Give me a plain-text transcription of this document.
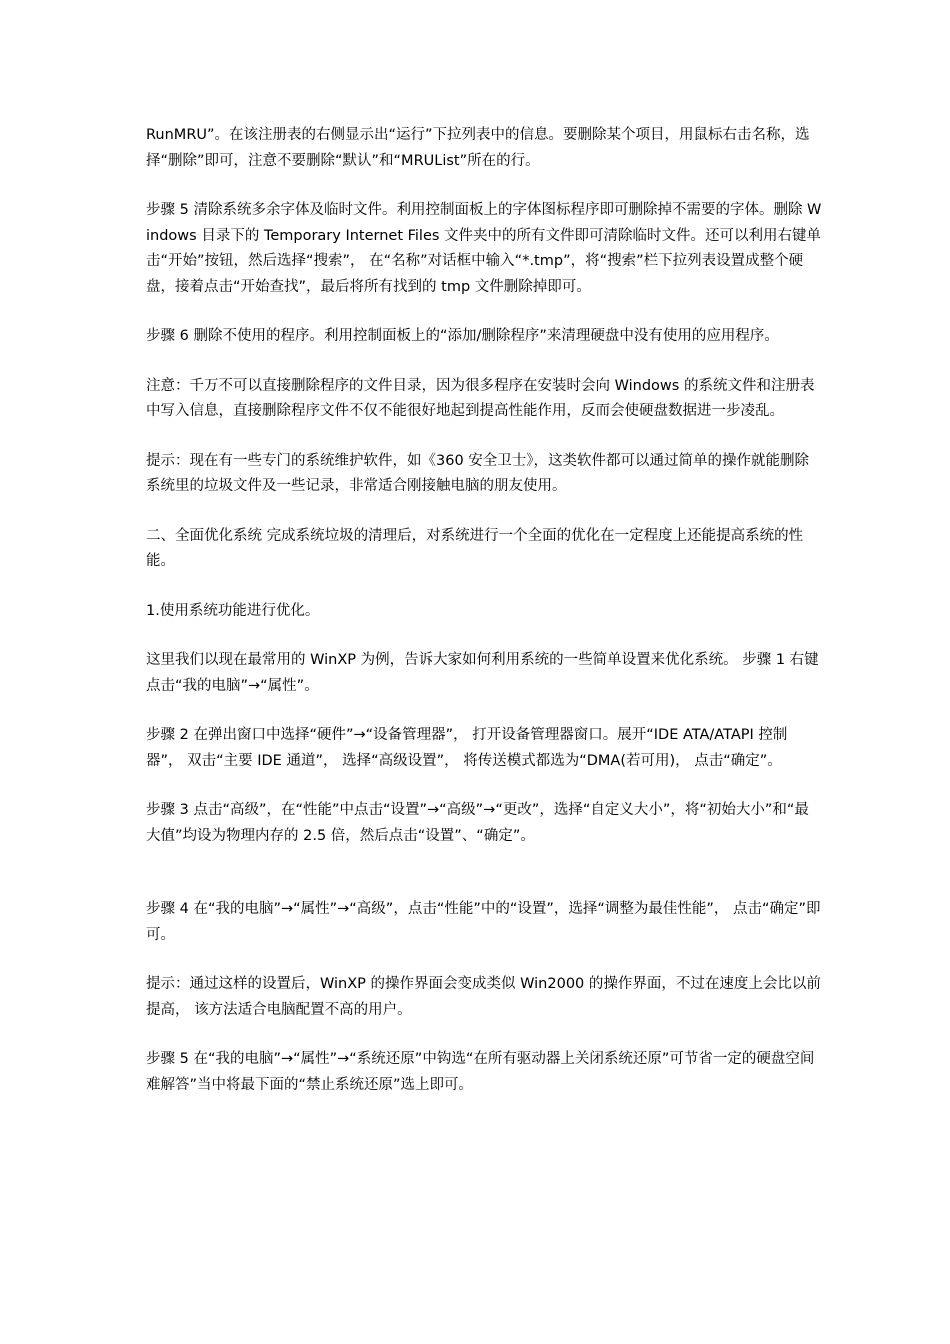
RunMRU”。在该注册表的右侧显示出“运行”下拉列表中的信息。要删除某个项目，用鼠标右击名称，选择“删除”即可，注意不要删除“默认”和“MRUList”所在的行。

步骤 5 清除系统多余字体及临时文件。利用控制面板上的字体图标程序即可删除掉不需要的字体。删除 Windows 目录下的 Temporary Internet Files 文件夹中的所有文件即可清除临时文件。还可以利用右键单击“开始”按钮，然后选择“搜索”， 在“名称”对话框中输入“*.tmp”，将“搜索”栏下拉列表设置成整个硬盘，接着点击“开始查找”，最后将所有找到的 tmp 文件删除掉即可。

步骤 6 删除不使用的程序。利用控制面板上的“添加/删除程序”来清理硬盘中没有使用的应用程序。

注意：千万不可以直接删除程序的文件目录，因为很多程序在安装时会向 Windows 的系统文件和注册表中写入信息，直接删除程序文件不仅不能很好地起到提高性能作用，反而会使硬盘数据进一步凌乱。

提示：现在有一些专门的系统维护软件，如《360 安全卫士》，这类软件都可以通过简单的操作就能删除系统里的垃圾文件及一些记录，非常适合刚接触电脑的朋友使用。

二、全面优化系统 完成系统垃圾的清理后，对系统进行一个全面的优化在一定程度上还能提高系统的性能。

1.使用系统功能进行优化。

这里我们以现在最常用的 WinXP 为例，告诉大家如何利用系统的一些简单设置来优化系统。 步骤 1 右键点击“我的电脑”→“属性”。

步骤 2 在弹出窗口中选择“硬件”→“设备管理器”， 打开设备管理器窗口。展开“IDE ATA/ATAPI 控制器”， 双击“主要 IDE 通道”， 选择“高级设置”， 将传送模式都选为“DMA(若可用)， 点击“确定”。

步骤 3 点击“高级”，在“性能”中点击“设置”→“高级”→“更改”，选择“自定义大小”，将“初始大小”和“最大值”均设为物理内存的 2.5 倍，然后点击“设置”、“确定”。

步骤 4 在“我的电脑”→“属性”→“高级”，点击“性能”中的“设置”，选择“调整为最佳性能”， 点击“确定”即可。

提示：通过这样的设置后，WinXP 的操作界面会变成类似 Win2000 的操作界面，不过在速度上会比以前提高， 该方法适合电脑配置不高的用户。

步骤 5 在“我的电脑”→“属性”→“系统还原”中钩选“在所有驱动器上关闭系统还原”可节省一定的硬盘空间难解答”当中将最下面的“禁止系统还原”选上即可。
